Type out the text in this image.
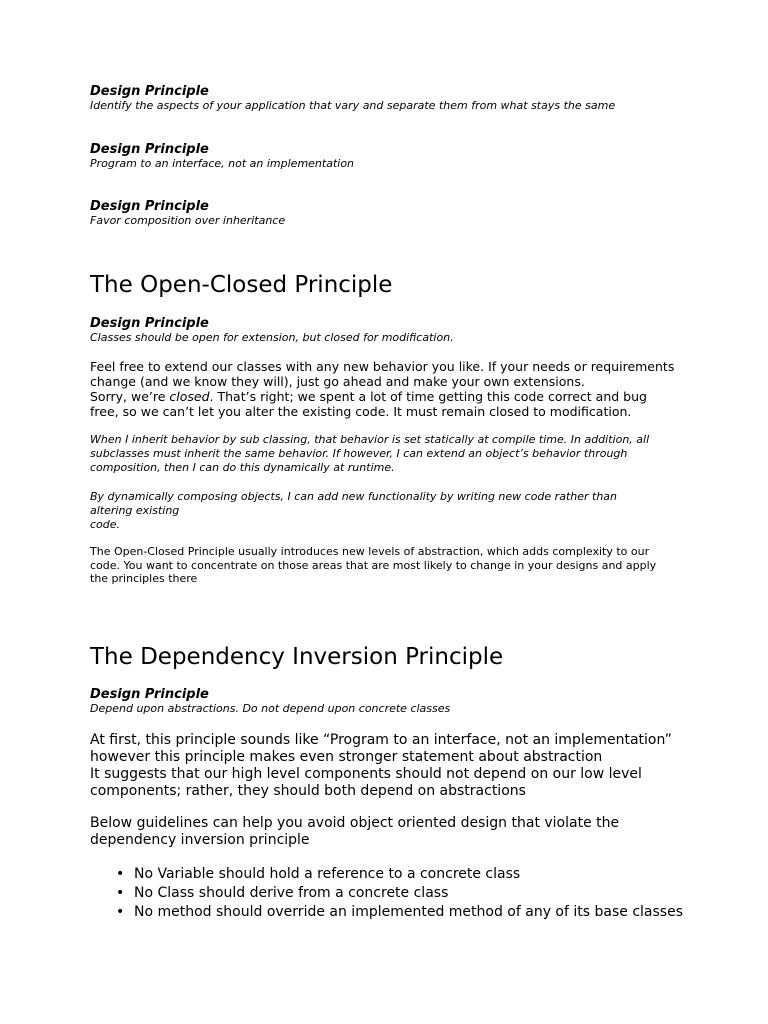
Design Principle
Identify the aspects of your application that vary and separate them from what stays the same
Design Principle
Program to an interface, not an implementation
Design Principle
Favor composition over inheritance
The Open-Closed Principle
Design Principle
Classes should be open for extension, but closed for modification.
Feel free to extend our classes with any new behavior you like. If your needs or requirements
change (and we know they will), just go ahead and make your own extensions.
Sorry, we’re closed. That’s right; we spent a lot of time getting this code correct and bug
free, so we can’t let you alter the existing code. It must remain closed to modification.
When I inherit behavior by sub classing, that behavior is set statically at compile time. In addition, all
subclasses must inherit the same behavior. If however, I can extend an object’s behavior through
composition, then I can do this dynamically at runtime.
By dynamically composing objects, I can add new functionality by writing new code rather than
altering existing
code.
The Open-Closed Principle usually introduces new levels of abstraction, which adds complexity to our
code. You want to concentrate on those areas that are most likely to change in your designs and apply
the principles there
The Dependency Inversion Principle
Design Principle
Depend upon abstractions. Do not depend upon concrete classes
At first, this principle sounds like “Program to an interface, not an implementation”
however this principle makes even stronger statement about abstraction
It suggests that our high level components should not depend on our low level
components; rather, they should both depend on abstractions
Below guidelines can help you avoid object oriented design that violate the
dependency inversion principle
• No Variable should hold a reference to a concrete class
• No Class should derive from a concrete class
• No method should override an implemented method of any of its base classes
